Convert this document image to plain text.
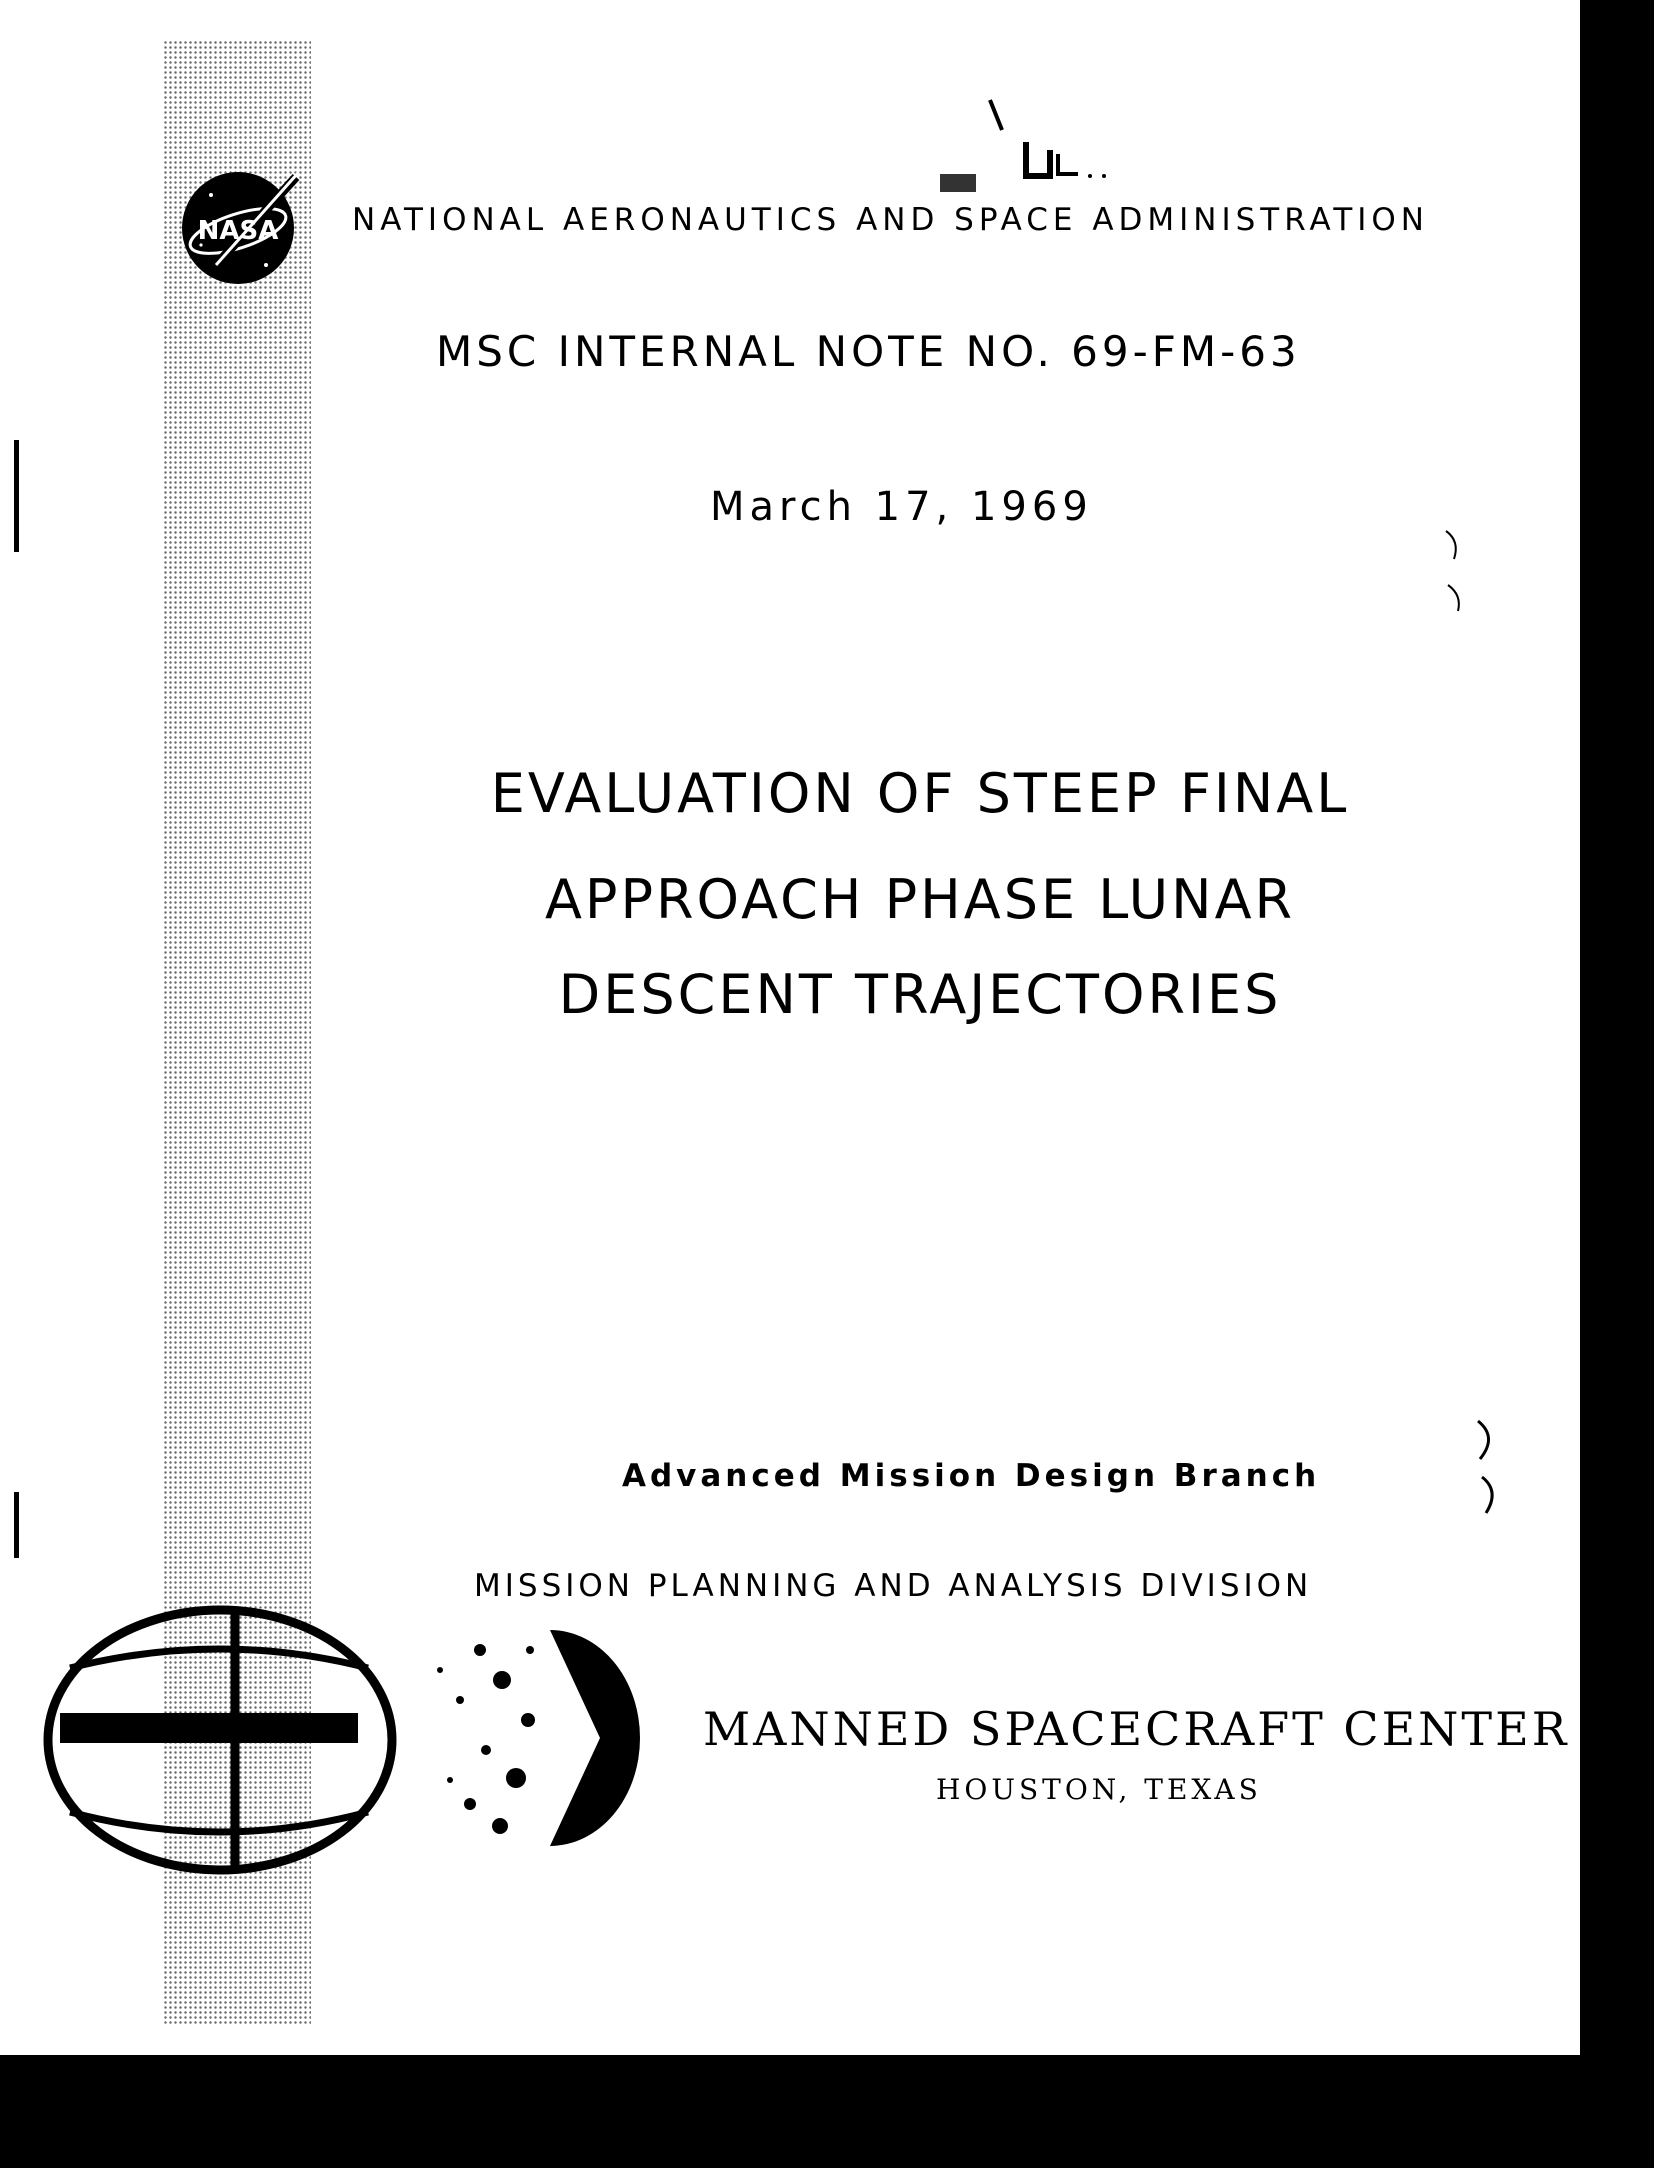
NASA NATIONAL AERONAUTICS AND SPACE ADMINISTRATION
MSC INTERNAL NOTE NO. 69-FM-63
March 17, 1969
EVALUATION OF STEEP FINAL
APPROACH PHASE LUNAR
DESCENT TRAJECTORIES
Advanced Mission Design Branch
MISSION PLANNING AND ANALYSIS DIVISION
MANNED SPACECRAFT CENTER
HOUSTON, TEXAS
